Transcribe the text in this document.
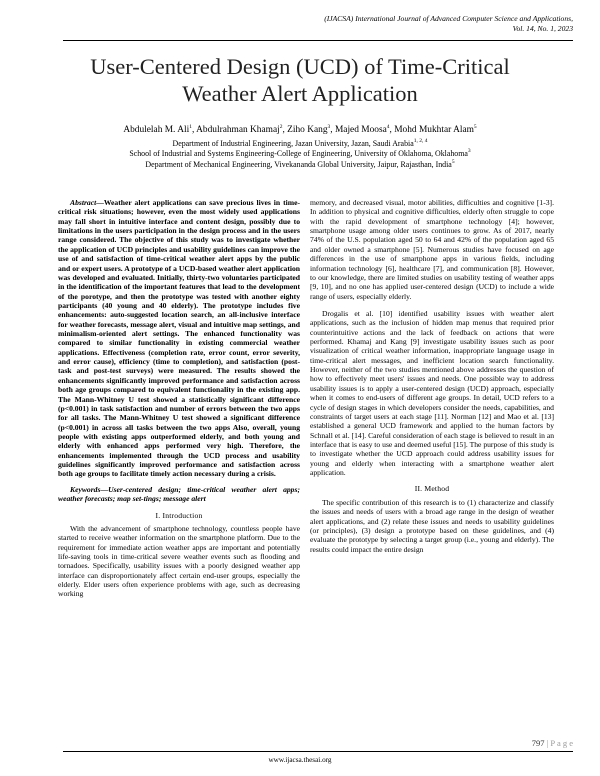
(IJACSA) International Journal of Advanced Computer Science and Applications,
Vol. 14, No. 1, 2023
User-Centered Design (UCD) of Time-Critical Weather Alert Application
Abdulelah M. Ali$^1$, Abdulrahman Khamaj$^2$, Ziho Kang$^3$, Majed Moosa$^4$, Mohd Mukhtar Alam$^5$
Department of Industrial Engineering, Jazan University, Jazan, Saudi Arabia$^{1, 2, 4}$
School of Industrial and Systems Engineering-College of Engineering, University of Oklahoma, Oklahoma$^3$
Department of Mechanical Engineering, Vivekananda Global University, Jaipur, Rajasthan, India$^5$

Abstract—Weather alert applications can save precious lives in time-critical risk situations; however, even the most widely used applications may fall short in intuitive interface and content design, possibly due to limitations in the users participation in the design process and in the users range considered. The objective of this study was to investigate whether the application of UCD principles and usability guidelines can improve the use of and satisfaction of time-critical weather alert apps by the public and or expert users. A prototype of a UCD-based weather alert application was developed and evaluated. Initially, thirty-two voluntaries participated in the identification of the important features that lead to the development of the porotype, and then the prototype was tested with another eighty participants (40 young and 40 elderly). The prototype includes five enhancements: auto-suggested location search, an all-inclusive interface for weather forecasts, message alert, visual and intuitive map settings, and minimalism-oriented alert settings. The enhanced functionality was compared to similar functionality in existing commercial weather applications. Effectiveness (completion rate, error count, error severity, and error cause), efficiency (time to completion), and satisfaction (post-task and post-test surveys) were measured. The results showed the enhancements significantly improved performance and satisfaction across both age groups compared to equivalent functionality in the existing app. The Mann-Whitney U test showed a statistically significant difference (p<0.001) in task satisfaction and number of errors between the two apps for all tasks. The Mann-Whitney U test showed a significant difference (p<0.001) in across all tasks between the two apps Also, overall, young people with existing apps outperformed elderly, and both young and elderly with enhanced apps performed very high. Therefore, the enhancements implemented through the UCD process and usability guidelines significantly improved performance and satisfaction across both age groups to facilitate timely action necessary during a crisis.

Keywords—User-centered design; time-critical weather alert apps; weather forecasts; map set-tings; message alert

I. Introduction

With the advancement of smartphone technology, countless people have started to receive weather information on the smartphone platform. Due to the requirement for immediate action weather apps are important and potentially life-saving tools in time-critical severe weather events such as flooding and tornadoes. Specifically, usability issues with a poorly designed weather app interface can disproportionately affect certain end-user groups, especially the elderly. Elder users often experience problems with age, such as decreasing working

memory, and decreased visual, motor abilities, difficulties and cognitive [1-3]. In addition to physical and cognitive difficulties, elderly often struggle to cope with the rapid development of smartphone technology [4]; however, smartphone usage among older users continues to grow. As of 2017, nearly 74% of the U.S. population aged 50 to 64 and 42% of the population aged 65 and older owned a smartphone [5]. Numerous studies have focused on age differences in the use of smartphone apps in various fields, including information technology [6], healthcare [7], and communication [8]. However, to our knowledge, there are limited studies on usability testing of weather apps [9, 10], and no one has applied user-centered design (UCD) to include a wide range of users, especially elderly.

Drogalis et al. [10] identified usability issues with weather alert applications, such as the inclusion of hidden map menus that required prior counterintuitive actions and the lack of feedback on actions that were performed. Khamaj and Kang [9] investigate usability issues such as poor visualization of critical weather information, inappropriate language usage in time-critical alert messages, and inefficient location search functionality. However, neither of the two studies mentioned above addresses the question of how to effectively meet users' issues and needs. One possible way to address usability issues is to apply a user-centered design (UCD) approach, especially when it comes to end-users of different age groups. In detail, UCD refers to a cycle of design stages in which developers consider the needs, capabilities, and constraints of target users at each stage [11]. Norman [12] and Mao et al. [13] established a general UCD framework and applied to the human factors by Schnall et al. [14]. Careful consideration of each stage is believed to result in an interface that is easy to use and deemed useful [15]. The purpose of this study is to investigate whether the UCD approach could address usability issues for young and elderly when interacting with a smartphone weather alert application.

II. Method

The specific contribution of this research is to (1) characterize and classify the issues and needs of users with a broad age range in the design of weather alert applications, and (2) relate these issues and needs to usability guidelines (or principles), (3) design a prototype based on these guidelines, and (4) evaluate the prototype by selecting a target group (i.e., young and elderly). The results could impact the entire design

797 | P a g e
www.ijacsa.thesai.org
